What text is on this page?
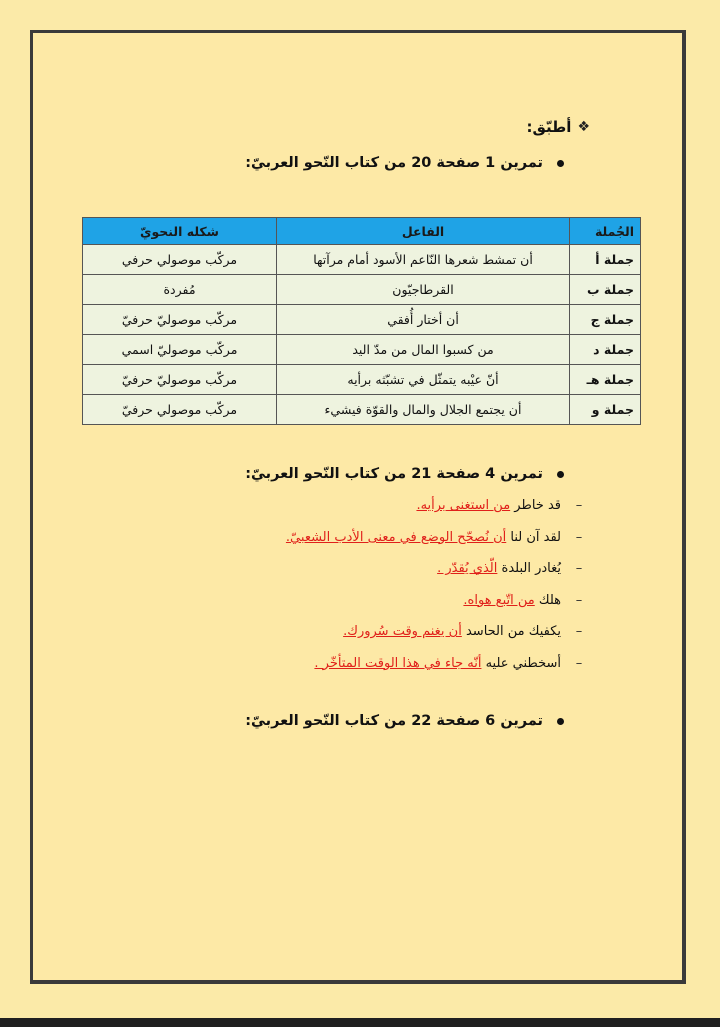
❖
أطبّق:
تمرين 1 صفحة 20 من كتاب النّحو العربيّ:
تمرين 4 صفحة 21 من كتاب النّحو العربيّ:
تمرين 6 صفحة 22 من كتاب النّحو العربيّ:
الجُملة	الفاعل	شكله النحويّ
جملة أ	أن تمشط شعرها النّاعم الأسود أمام مرآتها	مركّب موصولي حرفي
جملة ب	القرطاجيّون	مُفردة
جملة ج	أن أختار أُفقي	مركّب موصوليّ حرفيّ
جملة د	من كسبوا المال من مدّ اليد	مركّب موصوليّ اسمي
جملة هـ	أنّ عيْبه يتمثّل في تشبّثه برأيه	مركّب موصوليّ حرفيّ
جملة و	أن يجتمع الجلال والمال والقوّة فيشيء	مركّب موصولي حرفيّ
–
قد خاطر من استغنى برأيه.
–
لقد آن لنا أن نُصحّح الوضع في معنى الأدب الشعبيّ.
–
يُغادر البلدة الّذي يُقدّر .
–
هلك من اتّبع هواه.
–
يكفيك من الحاسد أن يغنم وقت سُرورك.
–
أسخطني عليه أنّه جاء في هذا الوقت المتأخّر .
